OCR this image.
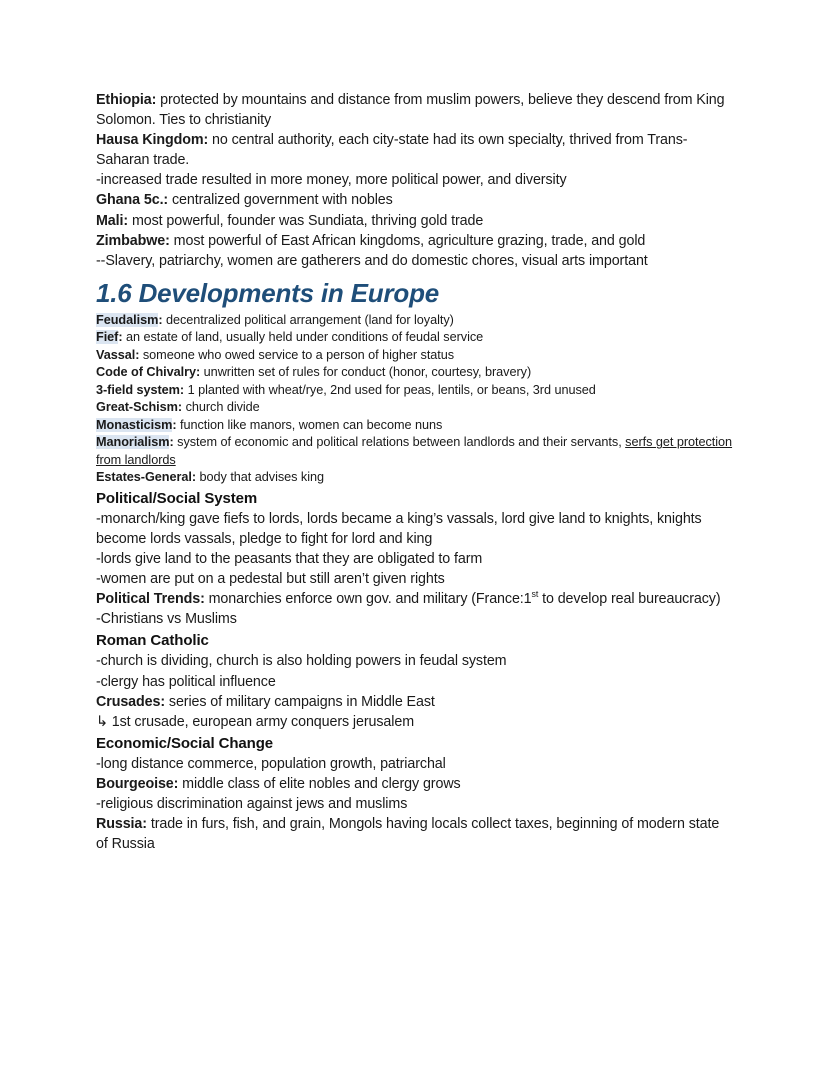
Ethiopia: protected by mountains and distance from muslim powers, believe they descend from King Solomon. Ties to christianity

Hausa Kingdom: no central authority, each city-state had its own specialty, thrived from Trans-Saharan trade.

-increased trade resulted in more money, more political power, and diversity

Ghana 5c.: centralized government with nobles

Mali: most powerful, founder was Sundiata, thriving gold trade

Zimbabwe: most powerful of East African kingdoms, agriculture grazing, trade, and gold

--Slavery, patriarchy, women are gatherers and do domestic chores, visual arts important

1.6 Developments in Europe

Feudalism: decentralized political arrangement (land for loyalty)

Fief: an estate of land, usually held under conditions of feudal service

Vassal: someone who owed service to a person of higher status

Code of Chivalry: unwritten set of rules for conduct (honor, courtesy, bravery)

3-field system: 1 planted with wheat/rye, 2nd used for peas, lentils, or beans, 3rd unused

Great-Schism: church divide

Monasticism: function like manors, women can become nuns

Manorialism: system of economic and political relations between landlords and their servants, serfs get protection from landlords

Estates-General: body that advises king

Political/Social System

-monarch/king gave fiefs to lords, lords became a king’s vassals, lord give land to knights, knights become lords vassals, pledge to fight for lord and king

-lords give land to the peasants that they are obligated to farm

-women are put on a pedestal but still aren’t given rights

Political Trends: monarchies enforce own gov. and military (France:1st to develop real bureaucracy)

-Christians vs Muslims

Roman Catholic

-church is dividing, church is also holding powers in feudal system

-clergy has political influence

Crusades: series of military campaigns in Middle East

↳ 1st crusade, european army conquers jerusalem

Economic/Social Change

-long distance commerce, population growth, patriarchal

Bourgeoise: middle class of elite nobles and clergy grows

-religious discrimination against jews and muslims

Russia: trade in furs, fish, and grain, Mongols having locals collect taxes, beginning of modern state of Russia
